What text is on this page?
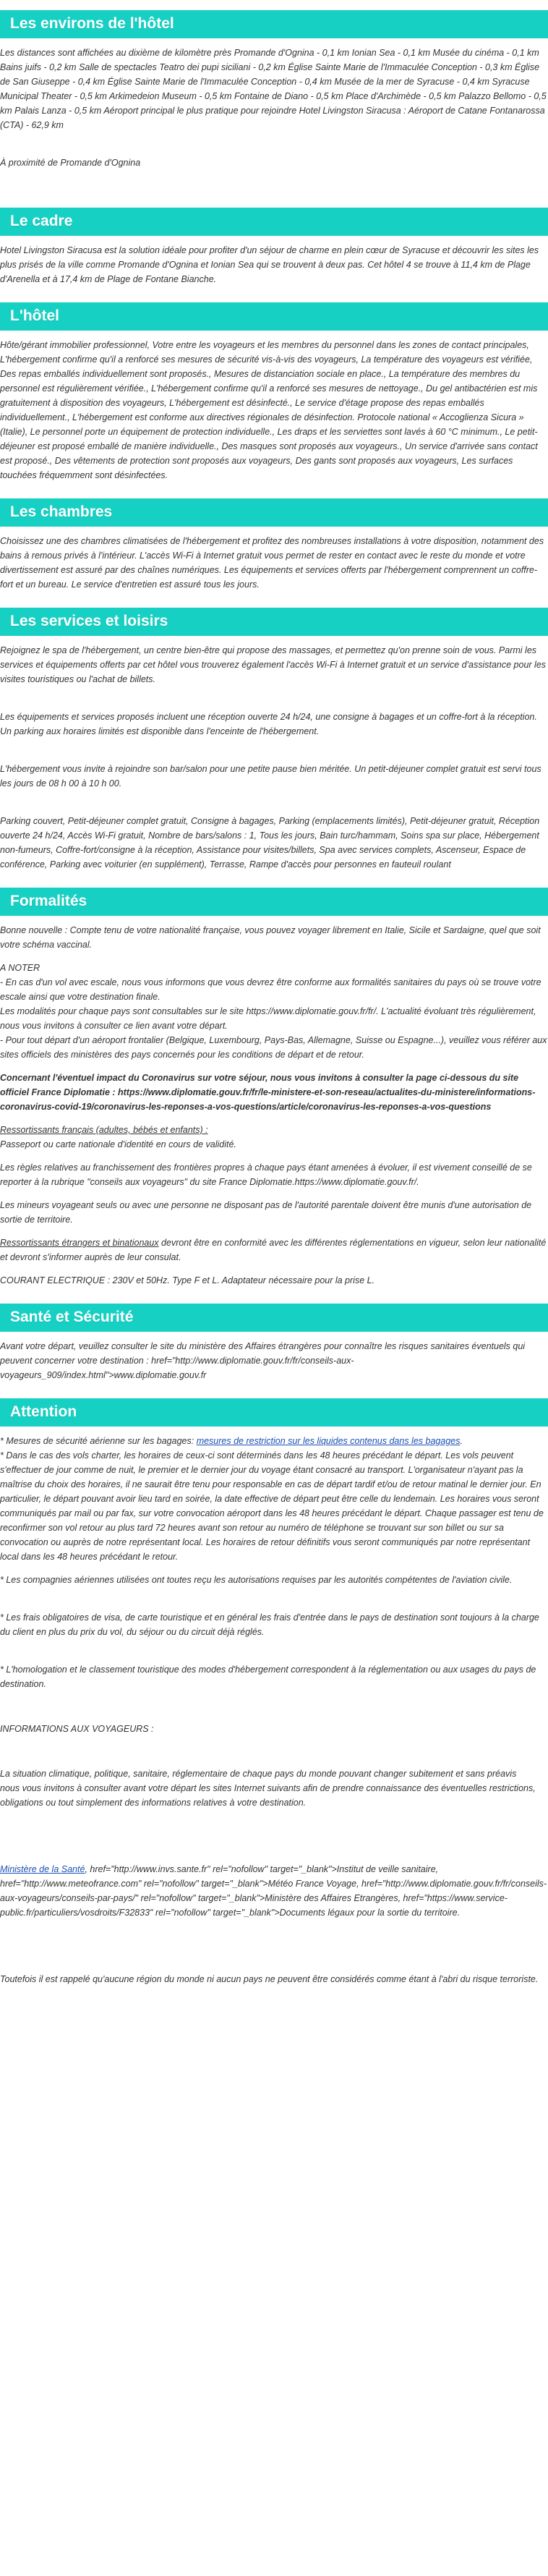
Les environs de l'hôtel

Les distances sont affichées au dixième de kilomètre près Promande d'Ognina - 0,1 km Ionian Sea - 0,1 km Musée du cinéma - 0,1 km Bains juifs - 0,2 km Salle de spectacles Teatro dei pupi siciliani - 0,2 km Église Sainte Marie de l'Immaculée Conception - 0,3 km Église de San Giuseppe - 0,4 km Église Sainte Marie de l'Immaculée Conception - 0,4 km Musée de la mer de Syracuse - 0,4 km Syracuse Municipal Theater - 0,5 km Arkimedeion Museum - 0,5 km Fontaine de Diano - 0,5 km Place d'Archimède - 0,5 km Palazzo Bellomo - 0,5 km Palais Lanza - 0,5 km Aéroport principal le plus pratique pour rejoindre Hotel Livingston Siracusa : Aéroport de Catane Fontanarossa (CTA) - 62,9 km

À proximité de Promande d'Ognina

Le cadre

Hotel Livingston Siracusa est la solution idéale pour profiter d'un séjour de charme en plein cœur de Syracuse et découvrir les sites les plus prisés de la ville comme Promande d'Ognina et Ionian Sea qui se trouvent à deux pas. Cet hôtel 4 se trouve à 11,4 km de Plage d'Arenella et à 17,4 km de Plage de Fontane Bianche.

L'hôtel

Hôte/gérant immobilier professionnel, Votre entre les voyageurs et les membres du personnel dans les zones de contact principales, L'hébergement confirme qu'il a renforcé ses mesures de sécurité vis-à-vis des voyageurs, La température des voyageurs est vérifiée, Des repas emballés individuellement sont proposés., Mesures de distanciation sociale en place., La température des membres du personnel est régulièrement vérifiée., L'hébergement confirme qu'il a renforcé ses mesures de nettoyage., Du gel antibactérien est mis gratuitement à disposition des voyageurs, L'hébergement est désinfecté., Le service d'étage propose des repas emballés individuellement., L'hébergement est conforme aux directives régionales de désinfection. Protocole national « Accoglienza Sicura » (Italie), Le personnel porte un équipement de protection individuelle., Les draps et les serviettes sont lavés à 60 °C minimum., Le petit-déjeuner est proposé emballé de manière individuelle., Des masques sont proposés aux voyageurs., Un service d'arrivée sans contact est proposé., Des vêtements de protection sont proposés aux voyageurs, Des gants sont proposés aux voyageurs, Les surfaces touchées fréquemment sont désinfectées.

Les chambres

Choisissez une des chambres climatisées de l'hébergement et profitez des nombreuses installations à votre disposition, notamment des bains à remous privés à l'intérieur. L'accès Wi-Fi à Internet gratuit vous permet de rester en contact avec le reste du monde et votre divertissement est assuré par des chaînes numériques. Les équipements et services offerts par l'hébergement comprennent un coffre-fort et un bureau. Le service d'entretien est assuré tous les jours.

Les services et loisirs

Rejoignez le spa de l'hébergement, un centre bien-être qui propose des massages, et permettez qu'on prenne soin de vous. Parmi les services et équipements offerts par cet hôtel vous trouverez également l'accès Wi-Fi à Internet gratuit et un service d'assistance pour les visites touristiques ou l'achat de billets.

Les équipements et services proposés incluent une réception ouverte 24 h/24, une consigne à bagages et un coffre-fort à la réception. Un parking aux horaires limités est disponible dans l'enceinte de l'hébergement.

L'hébergement vous invite à rejoindre son bar/salon pour une petite pause bien méritée. Un petit-déjeuner complet gratuit est servi tous les jours de 08 h 00 à 10 h 00.

Parking couvert, Petit-déjeuner complet gratuit, Consigne à bagages, Parking (emplacements limités), Petit-déjeuner gratuit, Réception ouverte 24 h/24, Accès Wi-Fi gratuit, Nombre de bars/salons : 1, Tous les jours, Bain turc/hammam, Soins spa sur place, Hébergement non-fumeurs, Coffre-fort/consigne à la réception, Assistance pour visites/billets, Spa avec services complets, Ascenseur, Espace de conférence, Parking avec voiturier (en supplément), Terrasse, Rampe d'accès pour personnes en fauteuil roulant

Formalités

Bonne nouvelle : Compte tenu de votre nationalité française, vous pouvez voyager librement en Italie, Sicile et Sardaigne, quel que soit votre schéma vaccinal.

A NOTER

- En cas d'un vol avec escale, nous vous informons que vous devrez être conforme aux formalités sanitaires du pays où se trouve votre escale ainsi que votre destination finale.

Les modalités pour chaque pays sont consultables sur le site https://www.diplomatie.gouv.fr/fr/. L'actualité évoluant très régulièrement, nous vous invitons à consulter ce lien avant votre départ.

- Pour tout départ d'un aéroport frontalier (Belgique, Luxembourg, Pays-Bas, Allemagne, Suisse ou Espagne...), veuillez vous référer aux sites officiels des ministères des pays concernés pour les conditions de départ et de retour.

Concernant l'éventuel impact du Coronavirus sur votre séjour, nous vous invitons à consulter la page ci-dessous du site officiel France Diplomatie : https://www.diplomatie.gouv.fr/fr/le-ministere-et-son-reseau/actualites-du-ministere/informations-coronavirus-covid-19/coronavirus-les-reponses-a-vos-questions/article/coronavirus-les-reponses-a-vos-questions

Ressortissants français (adultes, bébés et enfants) :

Passeport ou carte nationale d'identité en cours de validité.

Les règles relatives au franchissement des frontières propres à chaque pays étant amenées à évoluer, il est vivement conseillé de se reporter à la rubrique "conseils aux voyageurs" du site France Diplomatie.https://www.diplomatie.gouv.fr/.

Les mineurs voyageant seuls ou avec une personne ne disposant pas de l'autorité parentale doivent être munis d'une autorisation de sortie de territoire.

Ressortissants étrangers et binationaux devront être en conformité avec les différentes réglementations en vigueur, selon leur nationalité et devront s'informer auprès de leur consulat.

COURANT ELECTRIQUE : 230V et 50Hz. Type F et L. Adaptateur nécessaire pour la prise L.

Santé et Sécurité

Avant votre départ, veuillez consulter le site du ministère des Affaires étrangères pour connaître les risques sanitaires éventuels qui peuvent concerner votre destination : href="http://www.diplomatie.gouv.fr/fr/conseils-aux-voyageurs_909/index.html">www.diplomatie.gouv.fr

Attention

* Mesures de sécurité aérienne sur les bagages: mesures de restriction sur les liquides contenus dans les bagages.

* Dans le cas des vols charter, les horaires de ceux-ci sont déterminés dans les 48 heures précédant le départ. Les vols peuvent s'effectuer de jour comme de nuit, le premier et le dernier jour du voyage étant consacré au transport. L'organisateur n'ayant pas la maîtrise du choix des horaires, il ne saurait être tenu pour responsable en cas de départ tardif et/ou de retour matinal le dernier jour. En particulier, le départ pouvant avoir lieu tard en soirée, la date effective de départ peut être celle du lendemain. Les horaires vous seront communiqués par mail ou par fax, sur votre convocation aéroport dans les 48 heures précédant le départ. Chaque passager est tenu de reconfirmer son vol retour au plus tard 72 heures avant son retour au numéro de téléphone se trouvant sur son billet ou sur sa convocation ou auprès de notre représentant local. Les horaires de retour définitifs vous seront communiqués par notre représentant local dans les 48 heures précédant le retour.

* Les compagnies aériennes utilisées ont toutes reçu les autorisations requises par les autorités compétentes de l'aviation civile.

* Les frais obligatoires de visa, de carte touristique et en général les frais d'entrée dans le pays de destination sont toujours à la charge du client en plus du prix du vol, du séjour ou du circuit déjà réglés.

* L'homologation et le classement touristique des modes d'hébergement correspondent à la réglementation ou aux usages du pays de destination.

INFORMATIONS AUX VOYAGEURS :

La situation climatique, politique, sanitaire, réglementaire de chaque pays du monde pouvant changer subitement et sans préavis

nous vous invitons à consulter avant votre départ les sites Internet suivants afin de prendre connaissance des éventuelles restrictions, obligations ou tout simplement des informations relatives à votre destination.

Ministère de la Santé, href="http://www.invs.sante.fr" rel="nofollow" target="_blank">Institut de veille sanitaire, href="http://www.meteofrance.com" rel="nofollow" target="_blank">Météo France Voyage, href="http://www.diplomatie.gouv.fr/fr/conseils-aux-voyageurs/conseils-par-pays/" rel="nofollow" target="_blank">Ministère des Affaires Etrangères, href="https://www.service-public.fr/particuliers/vosdroits/F32833" rel="nofollow" target="_blank">Documents légaux pour la sortie du territoire.

Toutefois il est rappelé qu'aucune région du monde ni aucun pays ne peuvent être considérés comme étant à l'abri du risque terroriste.
